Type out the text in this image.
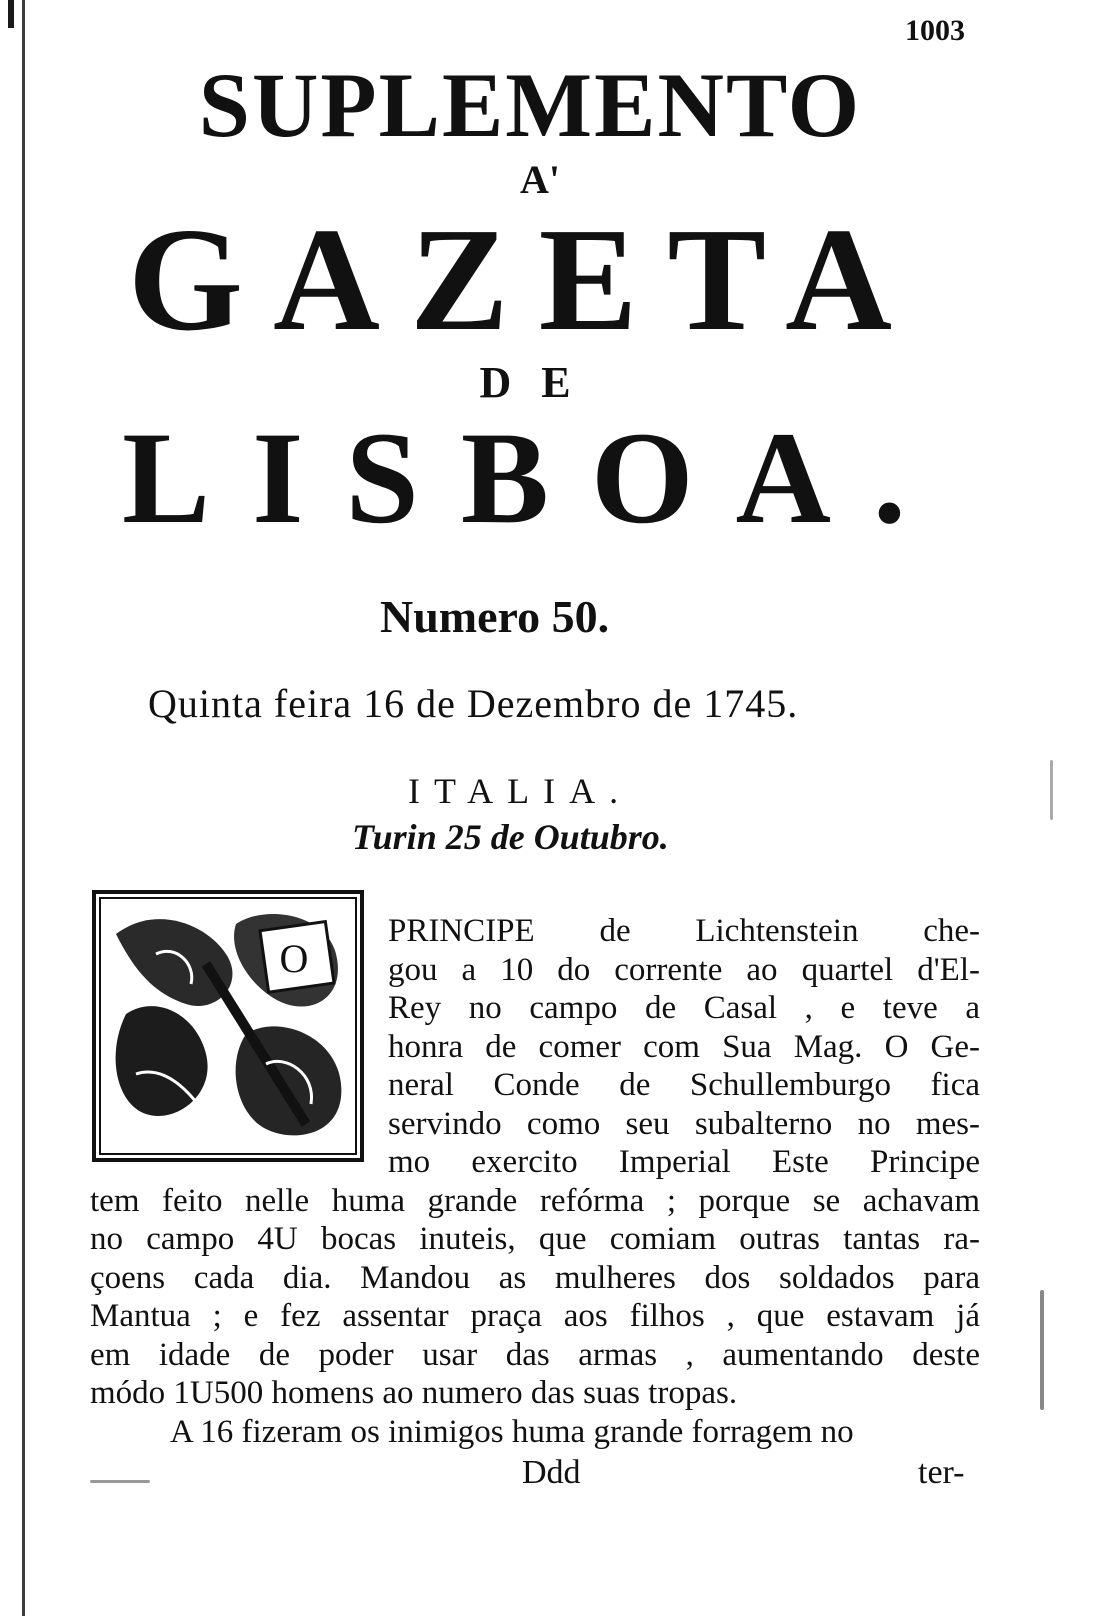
1003
SUPLEMENTO
A'
GAZETA
DE
LISBOA.
Numero 50.
Quinta feira 16 de Dezembro de 1745.
ITALIA.
Turin 25 de Outubro.
O
PRINCIPE de Lichtenstein che-
gou a 10 do corrente ao quartel d'El-
Rey no campo de Casal , e teve a
honra de comer com Sua Mag. O Ge-
neral Conde de Schullemburgo fica
servindo como seu subalterno no mes-
mo exercito Imperial Este Principe
tem feito nelle huma grande refórma ; porque se achavam
no campo 4U bocas inuteis, que comiam outras tantas ra-
çoens cada dia. Mandou as mulheres dos soldados para
Mantua ; e fez assentar praça aos filhos , que estavam já
em idade de poder usar das armas , aumentando deste
módo 1U500 homens ao numero das suas tropas.
A 16 fizeram os inimigos huma grande forragem no
Ddd	ter-
